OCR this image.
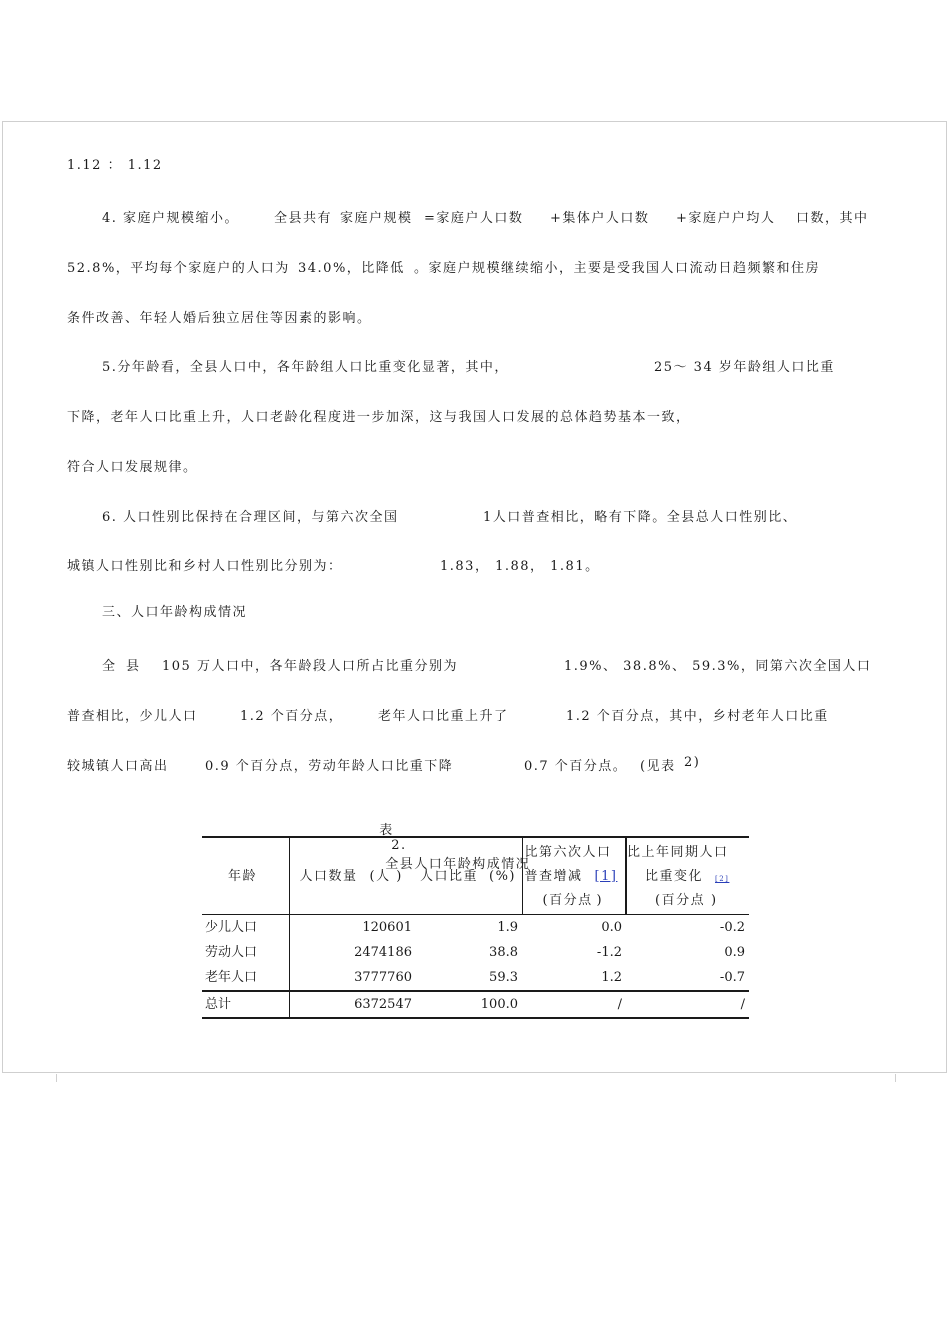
1.12 ： 1.12
4. 家庭户规模缩小。	全县共有 家庭户规模 =家庭户人口数 +集体户人口数 +家庭户户均人 口数，其中
52.8%，平均每个家庭户的人口为 34.0%，比降低 。家庭户规模继续缩小，主要是受我国人口流动日趋频繁和住房
条件改善、年轻人婚后独立居住等因素的影响。
5.分年龄看，全县人口中，各年龄组人口比重变化显著，其中，	25～ 34 岁年龄组人口比重
下降，老年人口比重上升，人口老龄化程度进一步加深，这与我国人口发展的总体趋势基本一致，
符合人口发展规律。
6. 人口性别比保持在合理区间，与第六次全国	1人口普查相比，略有下降。全县总人口性别比、
城镇人口性别比和乡村人口性别比分别为：	1.83， 1.88， 1.81。
三、人口年龄构成情况
全 县 105 万人口中，各年龄段人口所占比重分别为	1.9%、 38.8%、 59.3%，同第六次全国人口
普查相比，少儿人口	1.2 个百分点，	老年人口比重上升了	1.2 个百分点，其中，乡村老年人口比重
较城镇人口高出	0.9 个百分点，劳动年龄人口比重下降	0.7 个百分点。 (见表 2)

表
2.
全县人口年龄构成情况

年龄	人口数量 (人 )	人口比重 (%)	比第六次人口
普查增减 [1]
(百分点 )	比上年同期人口
比重变化 [2]
(百分点 )

少儿人口	120601	1.9	0.0	-0.2
劳动人口	2474186	38.8	-1.2	0.9
老年人口	3777760	59.3	1.2	-0.7
总计	6372547	100.0	/	/
